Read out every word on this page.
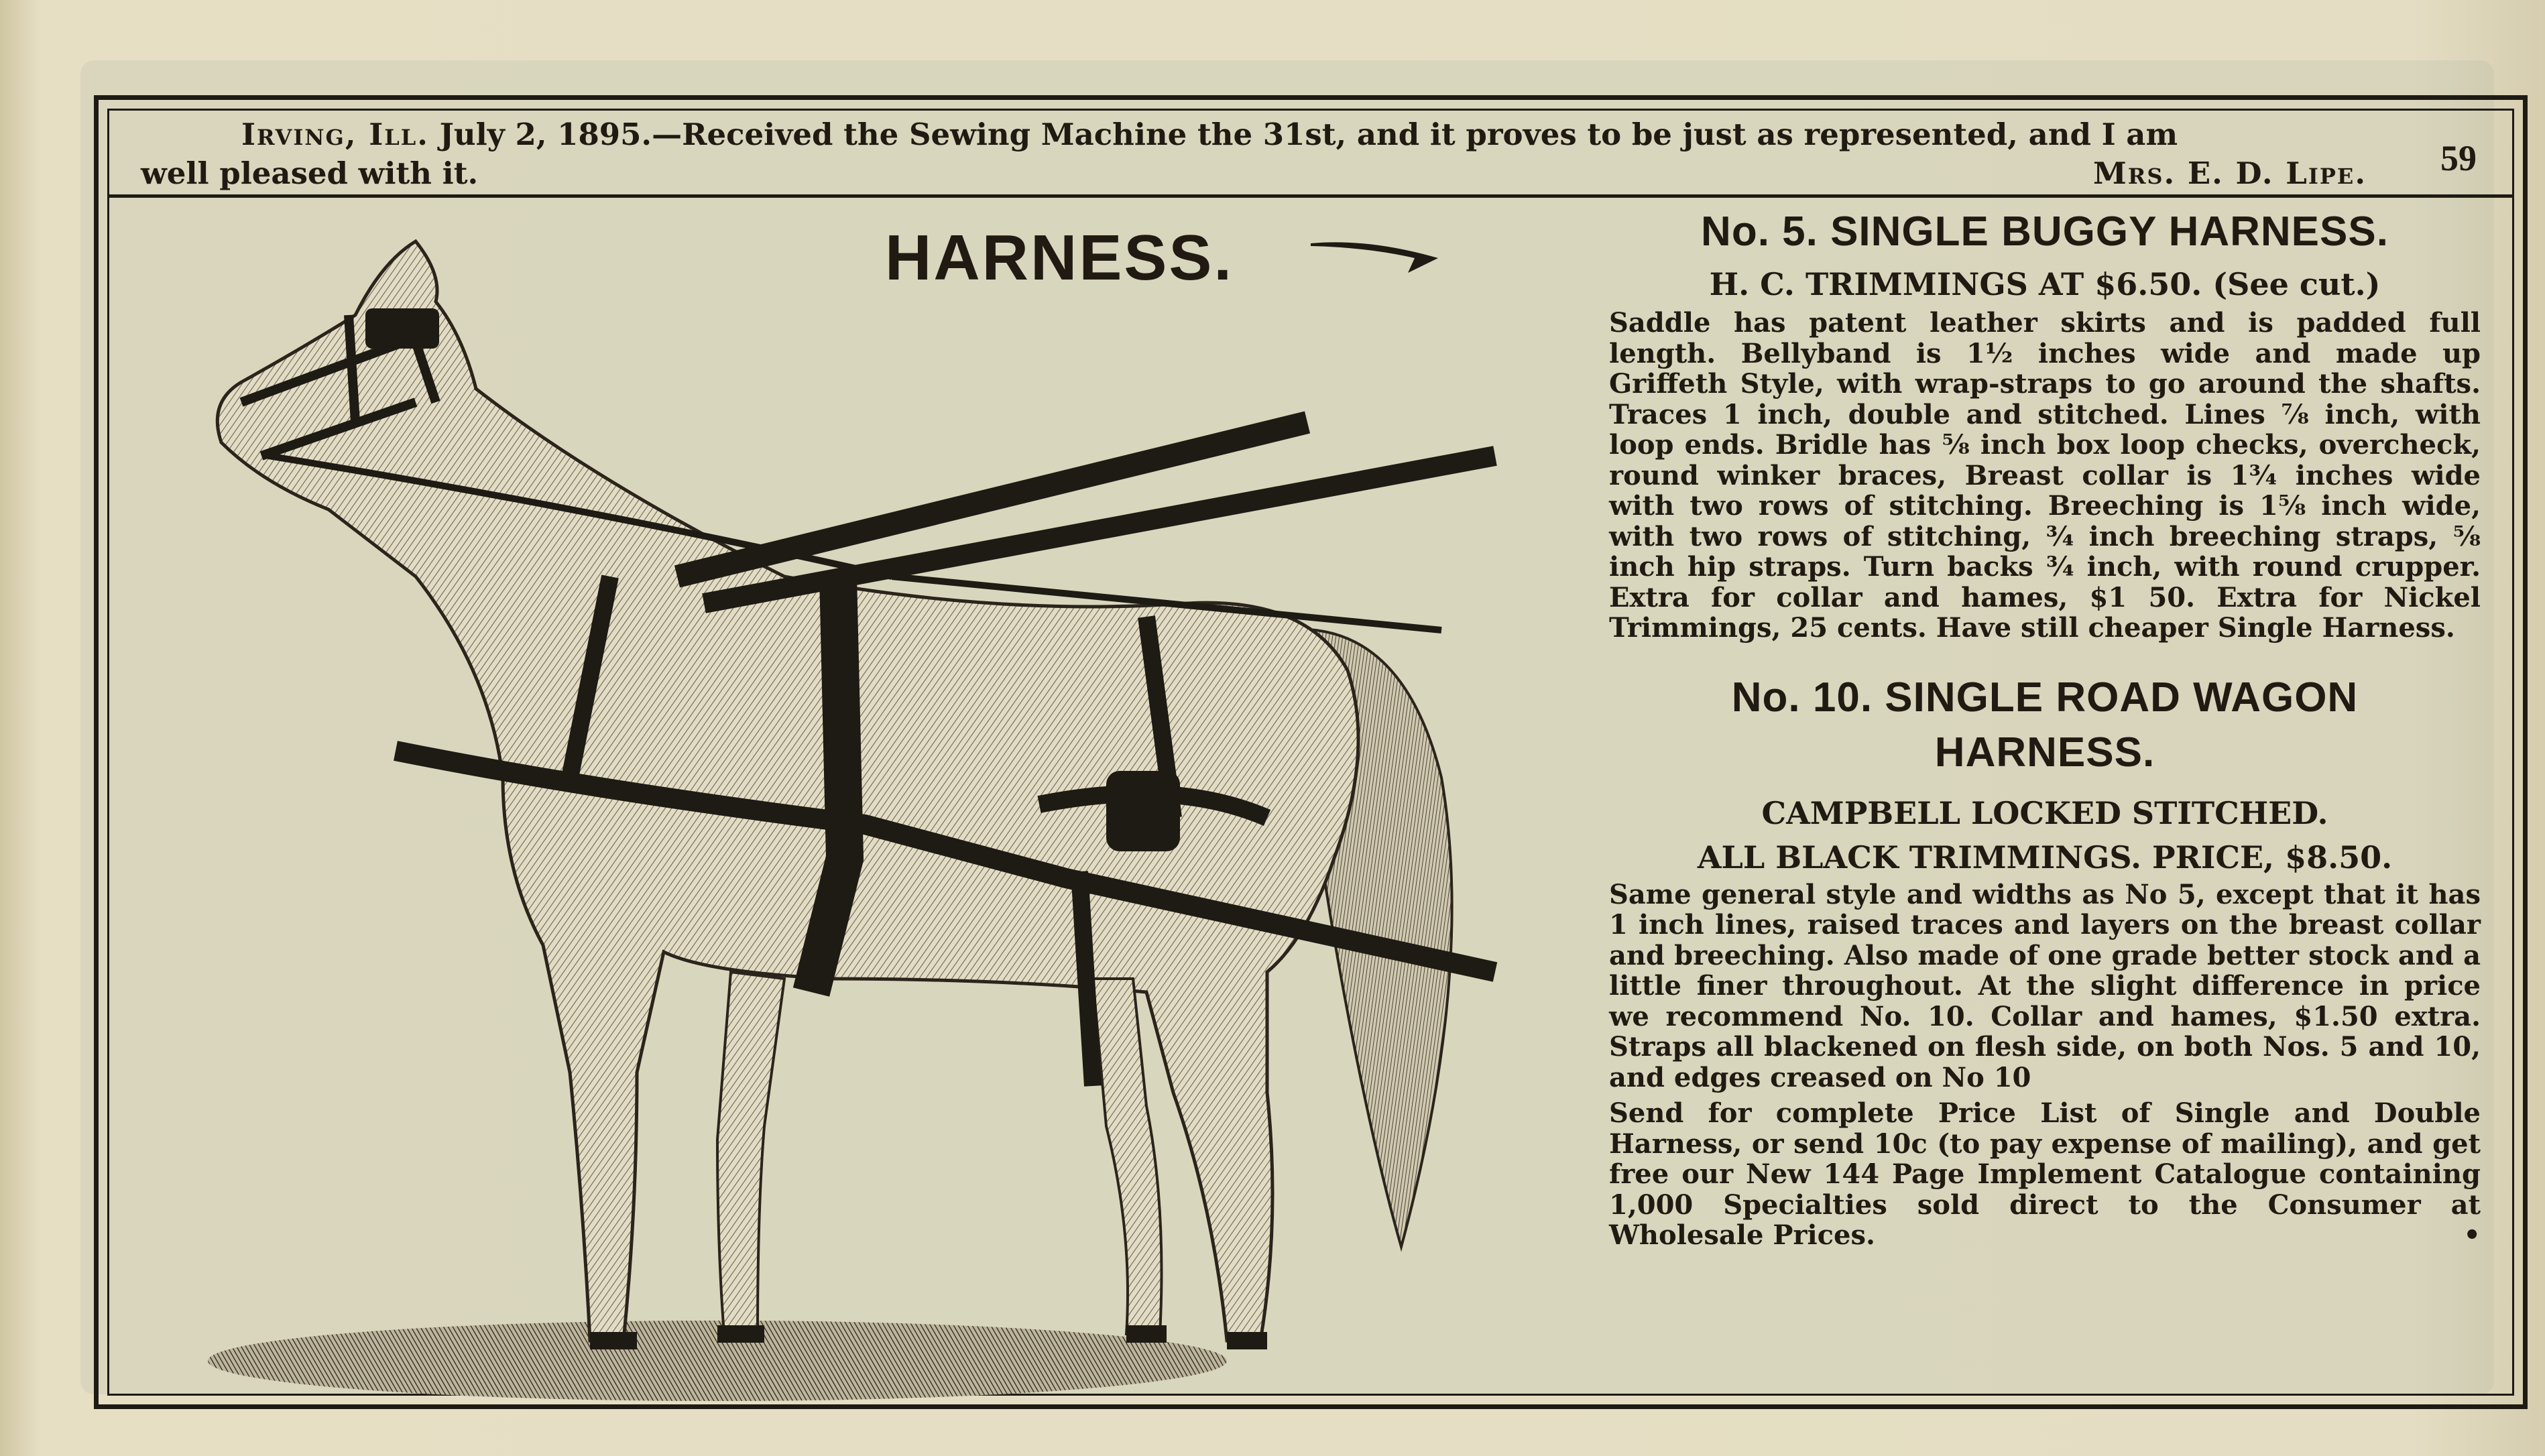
Irving, Ill. July 2, 1895.—Received the Sewing Machine the 31st, and it proves to be just as represented, and I am
well pleased with it.	Mrs. E. D. Lipe. 59
HARNESS.	No. 5. SINGLE BUGGY HARNESS.
H. C. TRIMMINGS AT $6.50. (See cut.)

Saddle has patent leather skirts and is padded full length. Bellyband is 1½ inches wide and made up Griffeth Style, with wrap-straps to go around the shafts. Traces 1 inch, double and stitched. Lines ⅞ inch, with loop ends. Bridle has ⅝ inch box loop checks, overcheck, round winker braces, Breast collar is 1¾ inches wide with two rows of stitching. Breeching is 1⅝ inch wide, with two rows of stitching, ¾ inch breeching straps, ⅝ inch hip straps. Turn backs ¾ inch, with round crupper. Extra for collar and hames, $1 50. Extra for Nickel Trimmings, 25 cents. Have still cheaper Single Harness.

No. 10. SINGLE ROAD WAGON
HARNESS.
CAMPBELL LOCKED STITCHED.
ALL BLACK TRIMMINGS. PRICE, $8.50.

Same general style and widths as No 5, except that it has 1 inch lines, raised traces and layers on the breast collar and breeching. Also made of one grade better stock and a little finer throughout. At the slight difference in price we recommend No. 10. Collar and hames, $1.50 extra. Straps all blackened on flesh side, on both Nos. 5 and 10, and edges creased on No 10

Send for complete Price List of Single and Double Harness, or send 10c (to pay expense of mailing), and get free our New 144 Page Implement Catalogue containing 1,000 Specialties sold direct to the Consumer at Wholesale Prices.	•
